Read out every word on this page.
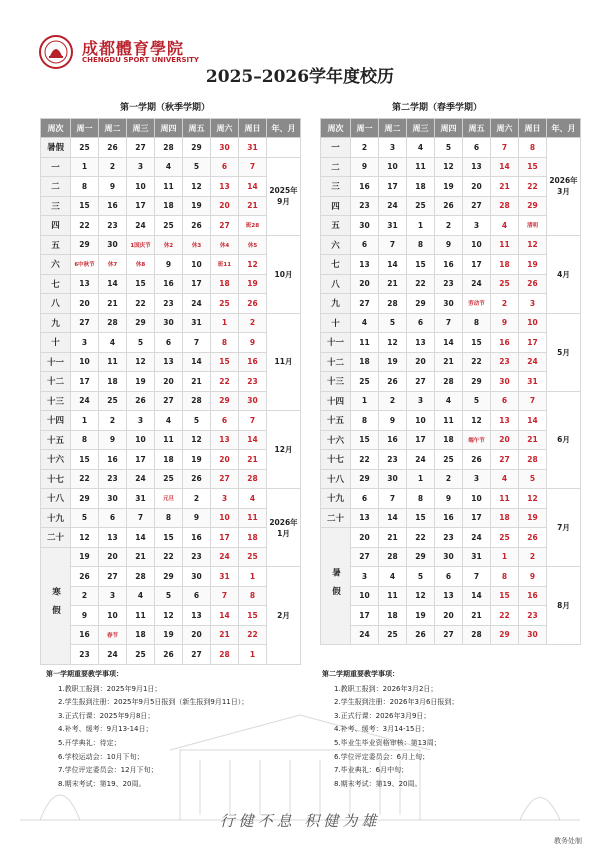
成都體育學院
CHENGDU SPORT UNIVERSITY
2025–2026学年度校历
第一学期（秋季学期）	第二学期（春季学期）
周次	周一	周二	周三	周四	周五	周六	周日	年、月
暑假	25	26	27	28	29	30	31	
一	1	2	3	4	5	6	7	2025年9月
二	8	9	10	11	12	13	14	
三	15	16	17	18	19	20	21	
四	22	23	24	25	26	27	班28	
五	29	30	1国庆节	休2	休3	休4	休5	10月
六	6中秋节	休7	休8	9	10	班11	12	
七	13	14	15	16	17	18	19	
八	20	21	22	23	24	25	26	
九	27	28	29	30	31	1	2	11月
十	3	4	5	6	7	8	9	
十一	10	11	12	13	14	15	16	
十二	17	18	19	20	21	22	23	
十三	24	25	26	27	28	29	30	
十四	1	2	3	4	5	6	7	12月
十五	8	9	10	11	12	13	14	
十六	15	16	17	18	19	20	21	
十七	22	23	24	25	26	27	28	
十八	29	30	31	元旦	2	3	4	2026年1月
十九	5	6	7	8	9	10	11	
二十	12	13	14	15	16	17	18	
寒假	19	20	21	22	23	24	25	
	26	27	28	29	30	31	1	2月
	2	3	4	5	6	7	8	
	9	10	11	12	13	14	15	
	16	春节	18	19	20	21	22	
	23	24	25	26	27	28	1	
周次	周一	周二	周三	周四	周五	周六	周日	年、月
一	2	3	4	5	6	7	8	2026年3月
二	9	10	11	12	13	14	15	
三	16	17	18	19	20	21	22	
四	23	24	25	26	27	28	29	
五	30	31	1	2	3	4	清明	
六	6	7	8	9	10	11	12	4月
七	13	14	15	16	17	18	19	
八	20	21	22	23	24	25	26	
九	27	28	29	30	劳动节	2	3	
十	4	5	6	7	8	9	10	5月
十一	11	12	13	14	15	16	17	
十二	18	19	20	21	22	23	24	
十三	25	26	27	28	29	30	31	
十四	1	2	3	4	5	6	7	6月
十五	8	9	10	11	12	13	14	
十六	15	16	17	18	端午节	20	21	
十七	22	23	24	25	26	27	28	
十八	29	30	1	2	3	4	5	
十九	6	7	8	9	10	11	12	7月
二十	13	14	15	16	17	18	19	
暑假	20	21	22	23	24	25	26	
	27	28	29	30	31	1	2	
	3	4	5	6	7	8	9	8月
	10	11	12	13	14	15	16	
	17	18	19	20	21	22	23	
	24	25	26	27	28	29	30	
第一学期重要教学事项：
1.教职工报到：2025年9月1日；
2.学生报到注册：2025年9月5日报到（新生报到9月11日）；
3.正式行课：2025年9月8日；
4.补考、缓考：9月13-14日；
5.开学典礼：待定；
6.学校运动会：10月下旬；
7.学位评定委员会：12月下旬；
8.期末考试：第19、20周。
第二学期重要教学事项：
1.教职工报到：2026年3月2日；
2.学生报到注册：2026年3月6日报到；
3.正式行课：2026年3月9日；
4.补考、缓考：3月14-15日；
5.毕业生毕业资格审核：第13周；
6.学位评定委员会：6月上旬；
7.毕业典礼：6月中旬；
8.期末考试：第19、20周。
行健不息 积健为雄
教务处制
